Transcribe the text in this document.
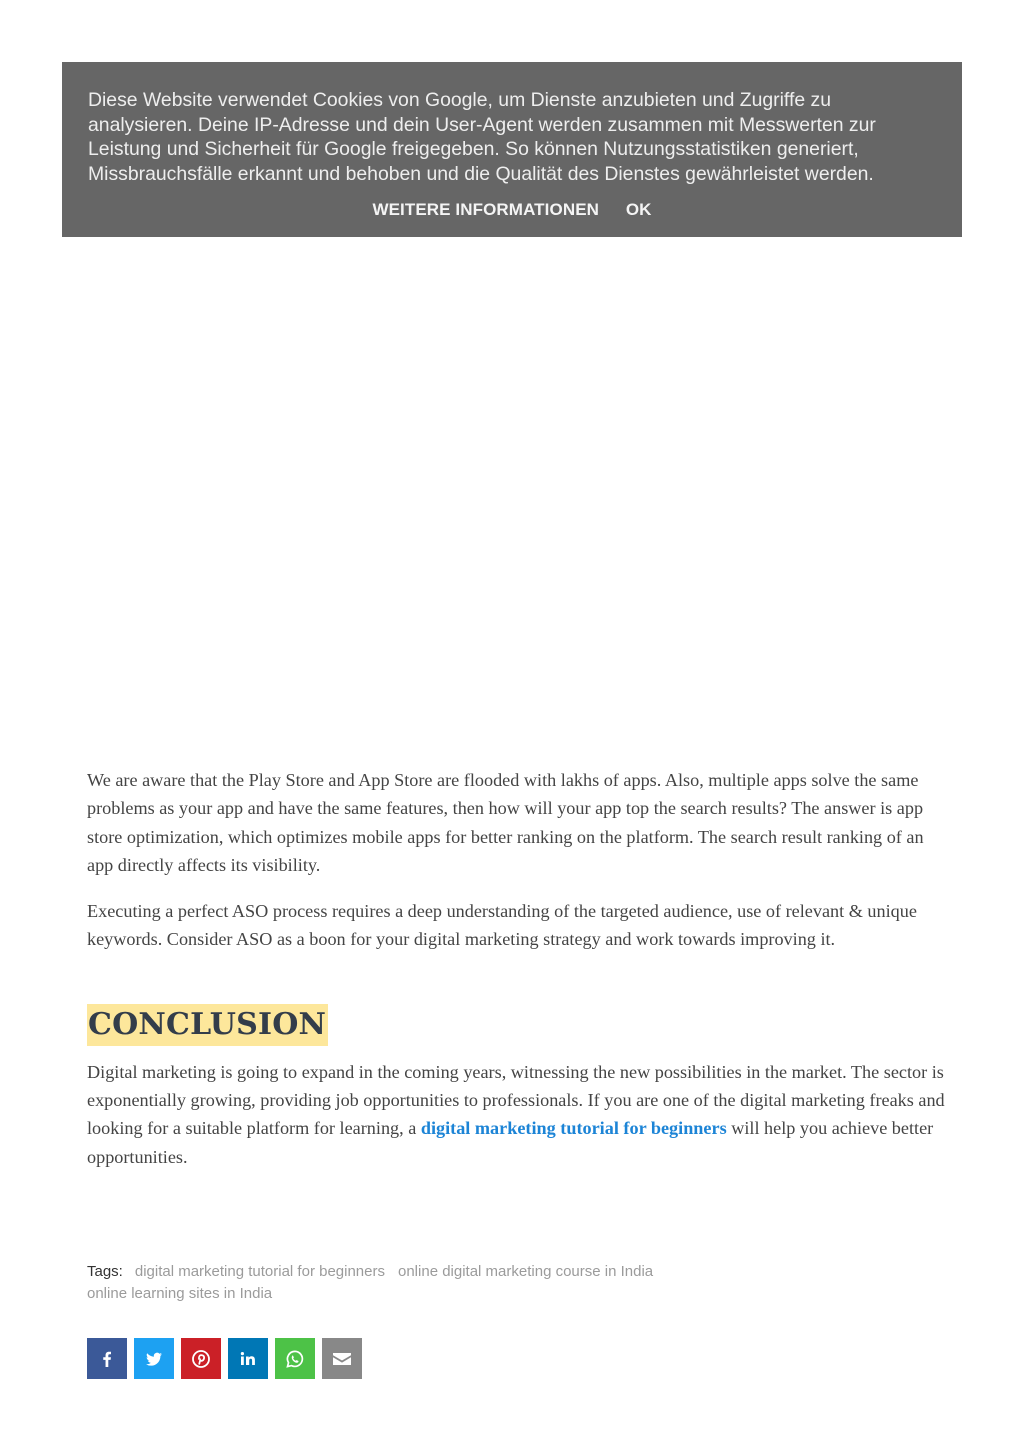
Diese Website verwendet Cookies von Google, um Dienste anzubieten und Zugriffe zu analysieren. Deine IP-Adresse und dein User-Agent werden zusammen mit Messwerten zur Leistung und Sicherheit für Google freigegeben. So können Nutzungsstatistiken generiert, Missbrauchsfälle erkannt und behoben und die Qualität des Dienstes gewährleistet werden.

WEITERE INFORMATIONEN OK

We are aware that the Play Store and App Store are flooded with lakhs of apps. Also, multiple apps solve the same problems as your app and have the same features, then how will your app top the search results? The answer is app store optimization, which optimizes mobile apps for better ranking on the platform. The search result ranking of an app directly affects its visibility.

Executing a perfect ASO process requires a deep understanding of the targeted audience, use of relevant & unique keywords. Consider ASO as a boon for your digital marketing strategy and work towards improving it.

CONCLUSION

Digital marketing is going to expand in the coming years, witnessing the new possibilities in the market. The sector is exponentially growing, providing job opportunities to professionals. If you are one of the digital marketing freaks and looking for a suitable platform for learning, a digital marketing tutorial for beginners will help you achieve better opportunities.

Tags: digital marketing tutorial for beginners online digital marketing course in India
online learning sites in India
